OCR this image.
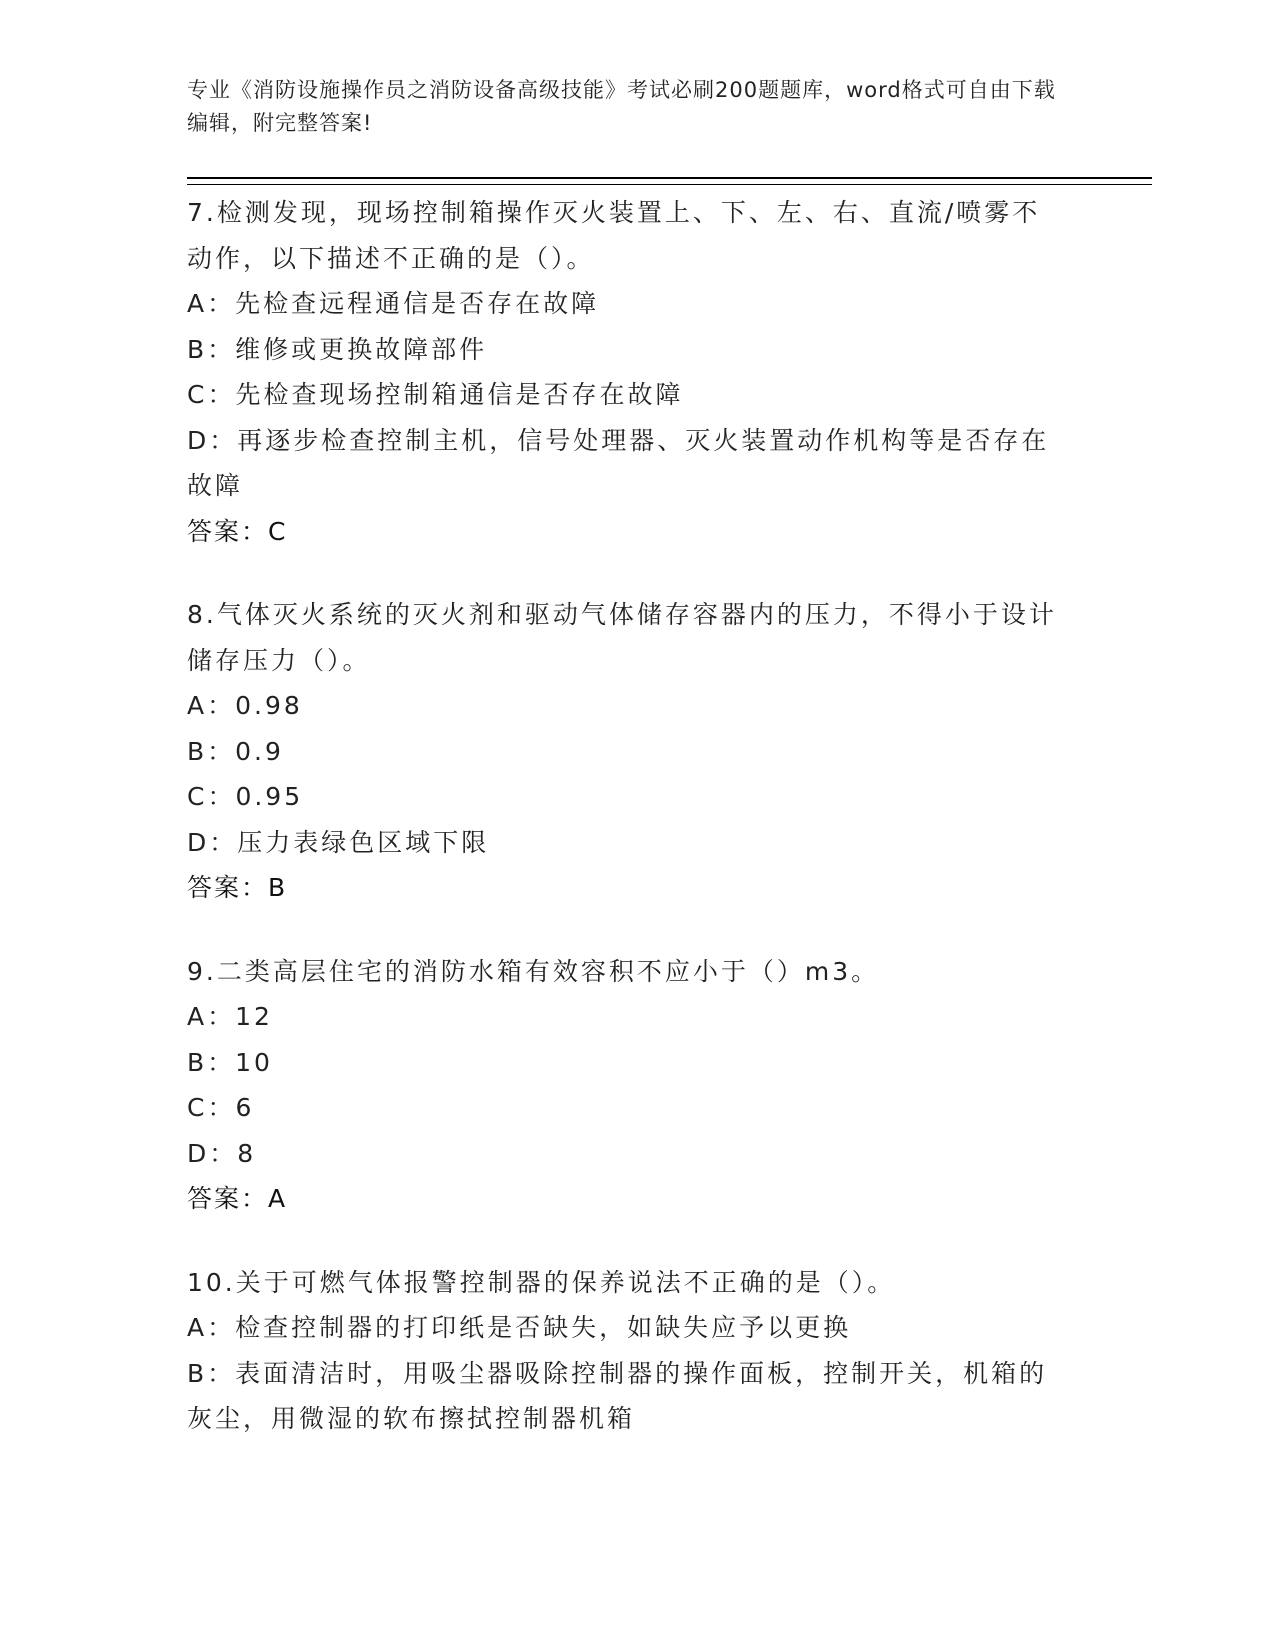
专业《消防设施操作员之消防设备高级技能》考试必刷200题题库，word格式可自由下载编辑，附完整答案!
7.检测发现，现场控制箱操作灭火装置上、下、左、右、直流/喷雾不动作，以下描述不正确的是（）。
A：先检查远程通信是否存在故障
B：维修或更换故障部件
C：先检查现场控制箱通信是否存在故障
D：再逐步检查控制主机，信号处理器、灭火装置动作机构等是否存在故障
答案：C
8.气体灭火系统的灭火剂和驱动气体储存容器内的压力，不得小于设计储存压力（）。
A：0.98
B：0.9
C：0.95
D：压力表绿色区域下限
答案：B
9.二类高层住宅的消防水箱有效容积不应小于（）m3。
A：12
B：10
C：6
D：8
答案：A
10.关于可燃气体报警控制器的保养说法不正确的是（）。
A：检查控制器的打印纸是否缺失，如缺失应予以更换
B：表面清洁时，用吸尘器吸除控制器的操作面板，控制开关，机箱的灰尘，用微湿的软布擦拭控制器机箱
